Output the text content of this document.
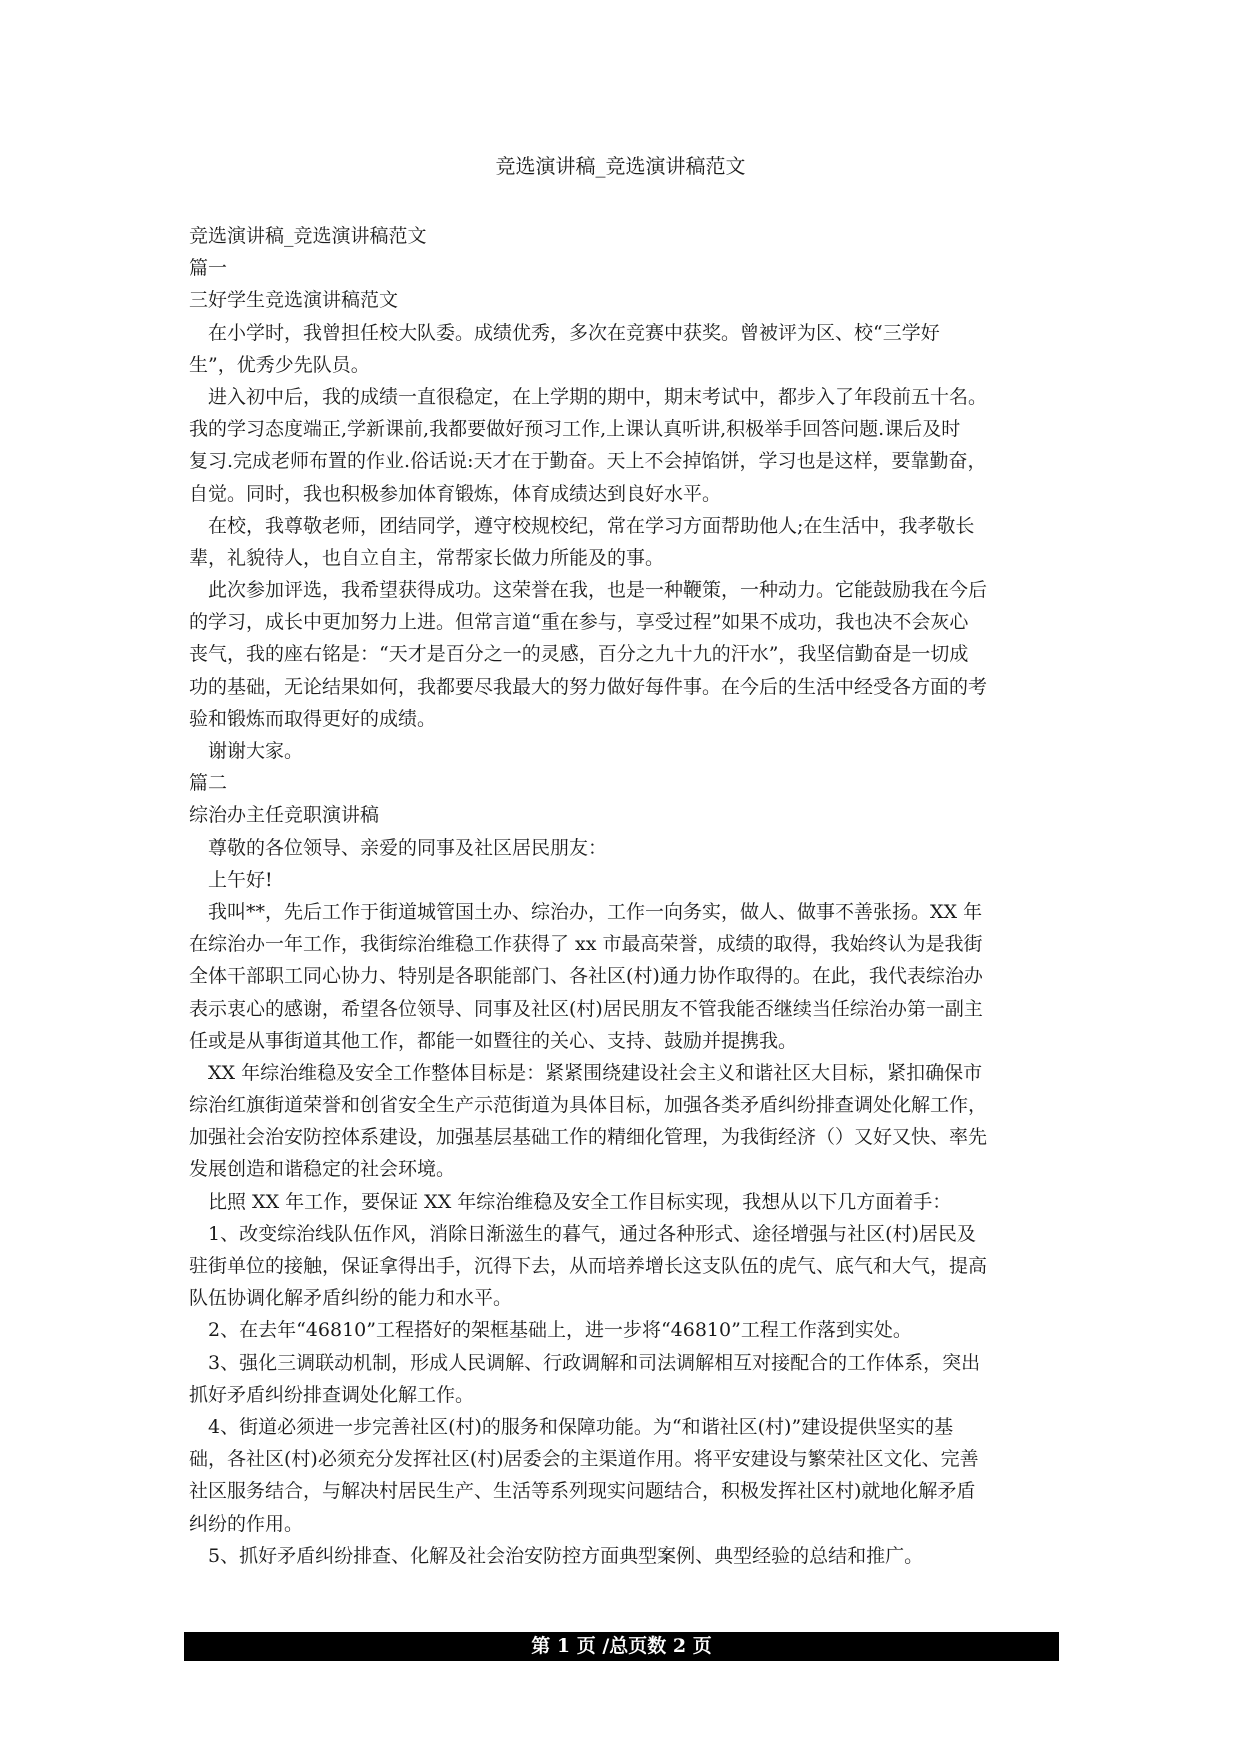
竞选演讲稿_竞选演讲稿范文
竞选演讲稿_竞选演讲稿范文
篇一
三好学生竞选演讲稿范文
在小学时，我曾担任校大队委。成绩优秀，多次在竞赛中获奖。曾被评为区、校“三学好
生”，优秀少先队员。
进入初中后，我的成绩一直很稳定，在上学期的期中，期末考试中，都步入了年段前五十名。
我的学习态度端正,学新课前,我都要做好预习工作,上课认真听讲,积极举手回答问题.课后及时
复习.完成老师布置的作业.俗话说:天才在于勤奋。天上不会掉馅饼，学习也是这样，要靠勤奋，
自觉。同时，我也积极参加体育锻炼，体育成绩达到良好水平。
在校，我尊敬老师，团结同学，遵守校规校纪，常在学习方面帮助他人;在生活中，我孝敬长
辈，礼貌待人，也自立自主，常帮家长做力所能及的事。
此次参加评选，我希望获得成功。这荣誉在我，也是一种鞭策，一种动力。它能鼓励我在今后
的学习，成长中更加努力上进。但常言道“重在参与，享受过程”如果不成功，我也决不会灰心
丧气，我的座右铭是：“天才是百分之一的灵感，百分之九十九的汗水”，我坚信勤奋是一切成
功的基础，无论结果如何，我都要尽我最大的努力做好每件事。在今后的生活中经受各方面的考
验和锻炼而取得更好的成绩。
谢谢大家。
篇二
综治办主任竞职演讲稿
尊敬的各位领导、亲爱的同事及社区居民朋友：
上午好!
我叫**，先后工作于街道城管国土办、综治办，工作一向务实，做人、做事不善张扬。XX 年
在综治办一年工作，我街综治维稳工作获得了 xx 市最高荣誉，成绩的取得，我始终认为是我街
全体干部职工同心协力、特别是各职能部门、各社区(村)通力协作取得的。在此，我代表综治办
表示衷心的感谢，希望各位领导、同事及社区(村)居民朋友不管我能否继续当任综治办第一副主
任或是从事街道其他工作，都能一如暨往的关心、支持、鼓励并提携我。
XX 年综治维稳及安全工作整体目标是：紧紧围绕建设社会主义和谐社区大目标，紧扣确保市
综治红旗街道荣誉和创省安全生产示范街道为具体目标，加强各类矛盾纠纷排查调处化解工作，
加强社会治安防控体系建设，加强基层基础工作的精细化管理，为我街经济（）又好又快、率先
发展创造和谐稳定的社会环境。
比照 XX 年工作，要保证 XX 年综治维稳及安全工作目标实现，我想从以下几方面着手：
1、改变综治线队伍作风，消除日渐滋生的暮气，通过各种形式、途径增强与社区(村)居民及
驻街单位的接触，保证拿得出手，沉得下去，从而培养增长这支队伍的虎气、底气和大气，提高
队伍协调化解矛盾纠纷的能力和水平。
2、在去年“46810”工程搭好的架框基础上，进一步将“46810”工程工作落到实处。
3、强化三调联动机制，形成人民调解、行政调解和司法调解相互对接配合的工作体系，突出
抓好矛盾纠纷排查调处化解工作。
4、街道必须进一步完善社区(村)的服务和保障功能。为“和谐社区(村)”建设提供坚实的基
础，各社区(村)必须充分发挥社区(村)居委会的主渠道作用。将平安建设与繁荣社区文化、完善
社区服务结合，与解决村居民生产、生活等系列现实问题结合，积极发挥社区村)就地化解矛盾
纠纷的作用。
5、抓好矛盾纠纷排查、化解及社会治安防控方面典型案例、典型经验的总结和推广。
第 1 页 /总页数 2 页
